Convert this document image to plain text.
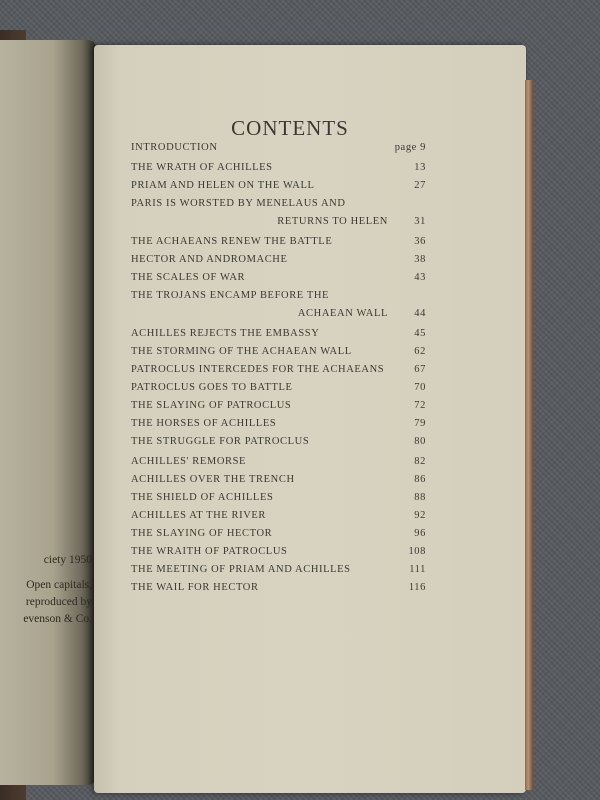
ciety 1950
Open capitals,
reproduced by
evenson & Co.
CONTENTS
INTRODUCTION	page 9
THE WRATH OF ACHILLES	13
PRIAM AND HELEN ON THE WALL	27
PARIS IS WORSTED BY MENELAUS AND
RETURNS TO HELEN	31
THE ACHAEANS RENEW THE BATTLE	36
HECTOR AND ANDROMACHE	38
THE SCALES OF WAR	43
THE TROJANS ENCAMP BEFORE THE
ACHAEAN WALL	44
ACHILLES REJECTS THE EMBASSY	45
THE STORMING OF THE ACHAEAN WALL	62
PATROCLUS INTERCEDES FOR THE ACHAEANS	67
PATROCLUS GOES TO BATTLE	70
THE SLAYING OF PATROCLUS	72
THE HORSES OF ACHILLES	79
THE STRUGGLE FOR PATROCLUS	80
ACHILLES' REMORSE	82
ACHILLES OVER THE TRENCH	86
THE SHIELD OF ACHILLES	88
ACHILLES AT THE RIVER	92
THE SLAYING OF HECTOR	96
THE WRAITH OF PATROCLUS	108
THE MEETING OF PRIAM AND ACHILLES	111
THE WAIL FOR HECTOR	116
